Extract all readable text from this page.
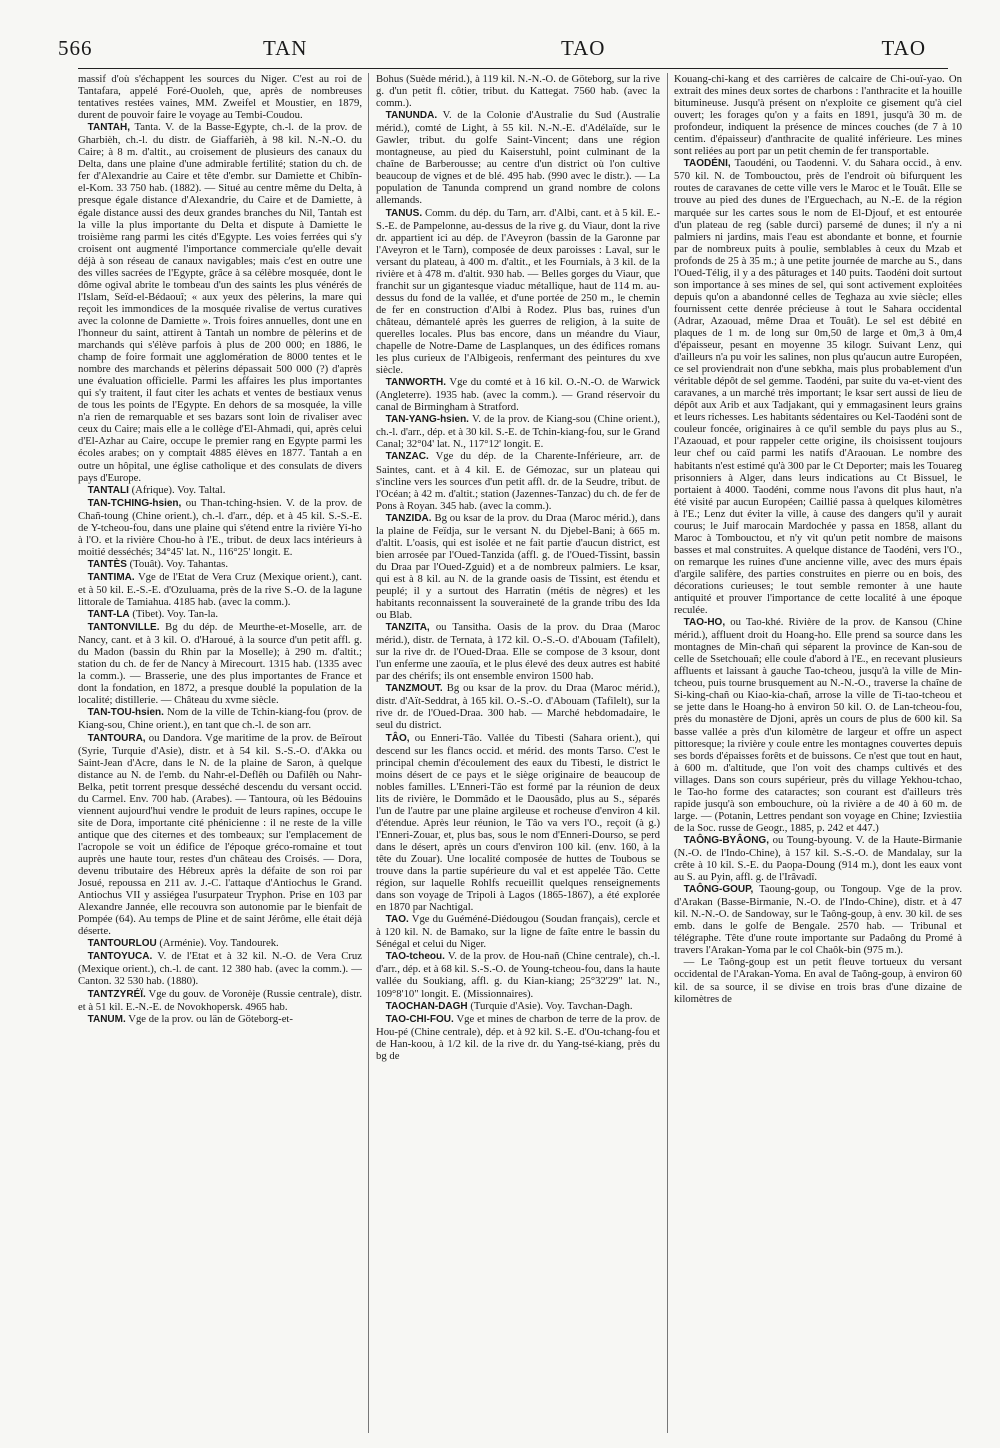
566	TAN	TAO	TAO

massif d'où s'échappent les sources du Niger. C'est au roi de Tantafara, appelé Foré-Ouoleh, que, après de nombreuses tentatives restées vaines, MM. Zweifel et Moustier, en 1879, durent de pouvoir faire le voyage au Tembi-Coudou.

TANTAH, Tanta. V. de la Basse-Egypte, ch.-l. de la prov. de Gharbièh, ch.-l. du distr. de Giaffarièh, à 98 kil. N.-N.-O. du Caire; à 8 m. d'altit., au croisement de plusieurs des canaux du Delta, dans une plaine d'une admirable fertilité; station du ch. de fer d'Alexandrie au Caire et tête d'embr. sur Damiette et Chibîn-el-Kom. 33 750 hab. (1882). — Situé au centre même du Delta, à presque égale distance d'Alexandrie, du Caire et de Damiette, à égale distance aussi des deux grandes branches du Nil, Tantah est la ville la plus importante du Delta et dispute à Damiette le troisième rang parmi les cités d'Egypte. Les voies ferrées qui s'y croisent ont augmenté l'importance commerciale qu'elle devait déjà à son réseau de canaux navigables; mais c'est en outre une des villes sacrées de l'Egypte, grâce à sa célèbre mosquée, dont le dôme ogival abrite le tombeau d'un des saints les plus vénérés de l'Islam, Seïd-el-Bédaouî; « aux yeux des pèlerins, la mare qui reçoit les immondices de la mosquée rivalise de vertus curatives avec la colonne de Damiette ». Trois foires annuelles, dont une en l'honneur du saint, attirent à Tantah un nombre de pèlerins et de marchands qui s'élève parfois à plus de 200 000; en 1886, le champ de foire formait une agglomération de 8000 tentes et le nombre des marchands et pèlerins dépassait 500 000 (?) d'après une évaluation officielle. Parmi les affaires les plus importantes qui s'y traitent, il faut citer les achats et ventes de bestiaux venus de tous les points de l'Egypte. En dehors de sa mosquée, la ville n'a rien de remarquable et ses bazars sont loin de rivaliser avec ceux du Caire; mais elle a le collège d'El-Ahmadi, qui, après celui d'El-Azhar au Caire, occupe le premier rang en Egypte parmi les écoles arabes; on y comptait 4885 élèves en 1877. Tantah a en outre un hôpital, une église catholique et des consulats de divers pays d'Europe.

TANTALI (Afrique). Voy. Taltal.

TAN-TCHING-hsien, ou Than-tching-hsien. V. de la prov. de Chañ-toung (Chine orient.), ch.-l. d'arr., dép. et à 45 kil. S.-S.-E. de Y-tcheou-fou, dans une plaine qui s'étend entre la rivière Yi-ho à l'O. et la rivière Chou-ho à l'E., tribut. de deux lacs intérieurs à moitié desséchés; 34°45' lat. N., 116°25' longit. E.

TANTÈS (Touât). Voy. Tahantas.

TANTIMA. Vge de l'Etat de Vera Cruz (Mexique orient.), cant. et à 50 kil. E.-S.-E. d'Ozuluama, près de la rive S.-O. de la lagune littorale de Tamiahua. 4185 hab. (avec la comm.).

TANT-LA (Tibet). Voy. Tan-la.

TANTONVILLE. Bg du dép. de Meurthe-et-Moselle, arr. de Nancy, cant. et à 3 kil. O. d'Haroué, à la source d'un petit affl. g. du Madon (bassin du Rhin par la Moselle); à 290 m. d'altit.; station du ch. de fer de Nancy à Mirecourt. 1315 hab. (1335 avec la comm.). — Brasserie, une des plus importantes de France et dont la fondation, en 1872, a presque doublé la population de la localité; distillerie. — Château du xvme siècle.

TAN-TOU-hsien. Nom de la ville de Tchin-kiang-fou (prov. de Kiang-sou, Chine orient.), en tant que ch.-l. de son arr.

TANTOURA, ou Dandora. Vge maritime de la prov. de Beïrout (Syrie, Turquie d'Asie), distr. et à 54 kil. S.-S.-O. d'Akka ou Saint-Jean d'Acre, dans le N. de la plaine de Saron, à quelque distance au N. de l'emb. du Nahr-el-Deflêh ou Dafilêh ou Nahr-Belka, petit torrent presque desséché descendu du versant occid. du Carmel. Env. 700 hab. (Arabes). — Tantoura, où les Bédouins viennent aujourd'hui vendre le produit de leurs rapines, occupe le site de Dora, importante cité phénicienne : il ne reste de la ville antique que des citernes et des tombeaux; sur l'emplacement de l'acropole se voit un édifice de l'époque gréco-romaine et tout auprès une haute tour, restes d'un château des Croisés. — Dora, devenu tributaire des Hébreux après la défaite de son roi par Josué, repoussa en 211 av. J.-C. l'attaque d'Antiochus le Grand. Antiochus VII y assiégea l'usurpateur Tryphon. Prise en 103 par Alexandre Jannée, elle recouvra son autonomie par le bienfait de Pompée (64). Au temps de Pline et de saint Jérôme, elle était déjà déserte.

TANTOURLOU (Arménie). Voy. Tandourek.

TANTOYUCA. V. de l'Etat et à 32 kil. N.-O. de Vera Cruz (Mexique orient.), ch.-l. de cant. 12 380 hab. (avec la comm.). — Canton. 32 530 hab. (1880).

TANTZYRÉÏ. Vge du gouv. de Voronèje (Russie centrale), distr. et à 51 kil. E.-N.-E. de Novokhopersk. 4965 hab.

TANUM. Vge de la prov. ou län de Göteborg-et-

Bohus (Suède mérid.), à 119 kil. N.-N.-O. de Göteborg, sur la rive g. d'un petit fl. côtier, tribut. du Kattegat. 7560 hab. (avec la comm.).

TANUNDA. V. de la Colonie d'Australie du Sud (Australie mérid.), comté de Light, à 55 kil. N.-N.-E. d'Adélaïde, sur le Gawler, tribut. du golfe Saint-Vincent; dans une région montagneuse, au pied du Kaiserstuhl, point culminant de la chaîne de Barberousse; au centre d'un district où l'on cultive beaucoup de vignes et de blé. 495 hab. (990 avec le distr.). — La population de Tanunda comprend un grand nombre de colons allemands.

TANUS. Comm. du dép. du Tarn, arr. d'Albi, cant. et à 5 kil. E.-S.-E. de Pampelonne, au-dessus de la rive g. du Viaur, dont la rive dr. appartient ici au dép. de l'Aveyron (bassin de la Garonne par l'Aveyron et le Tarn), composée de deux paroisses : Laval, sur le versant du plateau, à 400 m. d'altit., et les Fournials, à 3 kil. de la rivière et à 478 m. d'altit. 930 hab. — Belles gorges du Viaur, que franchit sur un gigantesque viaduc métallique, haut de 114 m. au-dessus du fond de la vallée, et d'une portée de 250 m., le chemin de fer en construction d'Albi à Rodez. Plus bas, ruines d'un château, démantelé après les guerres de religion, à la suite de querelles locales. Plus bas encore, dans un méandre du Viaur, chapelle de Notre-Dame de Lasplanques, un des édifices romans les plus curieux de l'Albigeois, renfermant des peintures du xve siècle.

TANWORTH. Vge du comté et à 16 kil. O.-N.-O. de Warwick (Angleterre). 1935 hab. (avec la comm.). — Grand réservoir du canal de Birmingham à Stratford.

TAN-YANG-hsien. V. de la prov. de Kiang-sou (Chine orient.), ch.-l. d'arr., dép. et à 30 kil. S.-E. de Tchin-kiang-fou, sur le Grand Canal; 32°04' lat. N., 117°12' longit. E.

TANZAC. Vge du dép. de la Charente-Inférieure, arr. de Saintes, cant. et à 4 kil. E. de Gémozac, sur un plateau qui s'incline vers les sources d'un petit affl. dr. de la Seudre, tribut. de l'Océan; à 42 m. d'altit.; station (Jazennes-Tanzac) du ch. de fer de Pons à Royan. 345 hab. (avec la comm.).

TANZIDA. Bg ou ksar de la prov. du Draa (Maroc mérid.), dans la plaine de Feïdja, sur le versant N. du Djebel-Bani; à 665 m. d'altit. L'oasis, qui est isolée et ne fait partie d'aucun district, est bien arrosée par l'Oued-Tanzida (affl. g. de l'Oued-Tissint, bassin du Draa par l'Oued-Zguid) et a de nombreux palmiers. Le ksar, qui est à 8 kil. au N. de la grande oasis de Tissint, est étendu et peuplé; il y a surtout des Harratin (métis de nègres) et les habitants reconnaissent la souveraineté de la grande tribu des Ida ou Blab.

TANZITA, ou Tansitha. Oasis de la prov. du Draa (Maroc mérid.), distr. de Ternata, à 172 kil. O.-S.-O. d'Abouam (Tafilelt), sur la rive dr. de l'Oued-Draa. Elle se compose de 3 ksour, dont l'un enferme une zaouïa, et le plus élevé des deux autres est habité par des chérifs; ils ont ensemble environ 1500 hab.

TANZMOUT. Bg ou ksar de la prov. du Draa (Maroc mérid.), distr. d'Aït-Seddrat, à 165 kil. O.-S.-O. d'Abouam (Tafilelt), sur la rive dr. de l'Oued-Draa. 300 hab. — Marché hebdomadaire, le seul du district.

TÂO, ou Enneri-Tâo. Vallée du Tibesti (Sahara orient.), qui descend sur les flancs occid. et mérid. des monts Tarso. C'est le principal chemin d'écoulement des eaux du Tibesti, le district le moins désert de ce pays et le siège originaire de beaucoup de nobles familles. L'Enneri-Tâo est formé par la réunion de deux lits de rivière, le Dommâdo et le Daousâdo, plus au S., séparés l'un de l'autre par une plaine argileuse et rocheuse d'environ 4 kil. d'étendue. Après leur réunion, le Tâo va vers l'O., reçoit (à g.) l'Enneri-Zouar, et, plus bas, sous le nom d'Enneri-Dourso, se perd dans le désert, après un cours d'environ 100 kil. (env. 160, à la tête du Zouar). Une localité composée de huttes de Toubous se trouve dans la partie supérieure du val et est appelée Tâo. Cette région, sur laquelle Rohlfs recueillit quelques renseignements dans son voyage de Tripoli à Lagos (1865-1867), a été explorée en 1870 par Nachtigal.

TAO. Vge du Guéméné-Diédougou (Soudan français), cercle et à 120 kil. N. de Bamako, sur la ligne de faîte entre le bassin du Sénégal et celui du Niger.

TAO-tcheou. V. de la prov. de Hou-nañ (Chine centrale), ch.-l. d'arr., dép. et à 68 kil. S.-S.-O. de Young-tcheou-fou, dans la haute vallée du Soukiang, affl. g. du Kian-kiang; 25°32'29" lat. N., 109°8'10" longit. E. (Missionnaires).

TAOCHAN-DAGH (Turquie d'Asie). Voy. Tavchan-Dagh.

TAO-CHI-FOU. Vge et mines de charbon de terre de la prov. de Hou-pé (Chine centrale), dép. et à 92 kil. S.-E. d'Ou-tchang-fou et de Han-koou, à 1/2 kil. de la rive dr. du Yang-tsé-kiang, près du bg de

Kouang-chi-kang et des carrières de calcaire de Chi-ouï-yao. On extrait des mines deux sortes de charbons : l'anthracite et la houille bitumineuse. Jusqu'à présent on n'exploite ce gisement qu'à ciel ouvert; les forages qu'on y a faits en 1891, jusqu'à 30 m. de profondeur, indiquent la présence de minces couches (de 7 à 10 centim. d'épaisseur) d'anthracite de qualité inférieure. Les mines sont reliées au port par un petit chemin de fer transportable.

TAODÉNI, Taoudéni, ou Taodenni. V. du Sahara occid., à env. 570 kil. N. de Tombouctou, près de l'endroit où bifurquent les routes de caravanes de cette ville vers le Maroc et le Touât. Elle se trouve au pied des dunes de l'Erguechach, au N.-E. de la région marquée sur les cartes sous le nom de El-Djouf, et est entourée d'un plateau de reg (sable durci) parsemé de dunes; il n'y a ni palmiers ni jardins, mais l'eau est abondante et bonne, et fournie par de nombreux puits à poulie, semblables à ceux du Mzab et profonds de 25 à 35 m.; à une petite journée de marche au S., dans l'Oued-Télig, il y a des pâturages et 140 puits. Taodéni doit surtout son importance à ses mines de sel, qui sont activement exploitées depuis qu'on a abandonné celles de Teghaza au xvie siècle; elles fournissent cette denrée précieuse à tout le Sahara occidental (Adrar, Azaouad, même Draa et Touât). Le sel est débité en plaques de 1 m. de long sur 0m,50 de large et 0m,3 à 0m,4 d'épaisseur, pesant en moyenne 35 kilogr. Suivant Lenz, qui d'ailleurs n'a pu voir les salines, non plus qu'aucun autre Européen, ce sel proviendrait non d'une sebkha, mais plus probablement d'un véritable dépôt de sel gemme. Taodéni, par suite du va-et-vient des caravanes, a un marché très important; le ksar sert aussi de lieu de dépôt aux Arib et aux Tadjakant, qui y emmagasinent leurs grains et leurs richesses. Les habitants sédentaires ou Kel-Taodéni sont de couleur foncée, originaires à ce qu'il semble du pays plus au S., l'Azaouad, et pour rappeler cette origine, ils choisissent toujours leur chef ou caïd parmi les natifs d'Araouan. Le nombre des habitants n'est estimé qu'à 300 par le Ct Deporter; mais les Touareg prisonniers à Alger, dans leurs indications au Ct Bissuel, le portaient à 4000. Taodéni, comme nous l'avons dit plus haut, n'a été visité par aucun Européen; Caillié passa à quelques kilomètres à l'E.; Lenz dut éviter la ville, à cause des dangers qu'il y aurait courus; le Juif marocain Mardochée y passa en 1858, allant du Maroc à Tombouctou, et n'y vit qu'un petit nombre de maisons basses et mal construites. A quelque distance de Taodéni, vers l'O., on remarque les ruines d'une ancienne ville, avec des murs épais d'argile salifère, des parties construites en pierre ou en bois, des décorations curieuses; le tout semble remonter à une haute antiquité et prouver l'importance de cette localité à une époque reculée.

TAO-HO, ou Tao-khé. Rivière de la prov. de Kansou (Chine mérid.), affluent droit du Hoang-ho. Elle prend sa source dans les montagnes de Min-chañ qui séparent la province de Kan-sou de celle de Ssetchouañ; elle coule d'abord à l'E., en recevant plusieurs affluents et laissant à gauche Tao-tcheou, jusqu'à la ville de Min-tcheou, puis tourne brusquement au N.-N.-O., traverse la chaîne de Si-king-chañ ou Kiao-kia-chañ, arrose la ville de Ti-tao-tcheou et se jette dans le Hoang-ho à environ 50 kil. O. de Lan-tcheou-fou, près du monastère de Djoni, après un cours de plus de 600 kil. Sa basse vallée a près d'un kilomètre de largeur et offre un aspect pittoresque; la rivière y coule entre les montagnes couvertes depuis ses bords d'épaisses forêts et de buissons. Ce n'est que tout en haut, à 600 m. d'altitude, que l'on voit des champs cultivés et des villages. Dans son cours supérieur, près du village Yekhou-tchao, le Tao-ho forme des cataractes; son courant est d'ailleurs très rapide jusqu'à son embouchure, où la rivière a de 40 à 60 m. de large. — (Potanin, Lettres pendant son voyage en Chine; Izviestiia de la Soc. russe de Geogr., 1885, p. 242 et 447.)

TAÔNG-BYÂONG, ou Toung-byoung. V. de la Haute-Birmanie (N.-O. de l'Indo-Chine), à 157 kil. S.-S.-O. de Mandalay, sur la crête à 10 kil. S.-E. du Paopa-Doung (914 m.), dont les eaux vont au S. au Pyin, affl. g. de l'Irâvadî.

TAÔNG-GOUP, Taoung-goup, ou Tongoup. Vge de la prov. d'Arakan (Basse-Birmanie, N.-O. de l'Indo-Chine), distr. et à 47 kil. N.-N.-O. de Sandoway, sur le Taông-goup, à env. 30 kil. de ses emb. dans le golfe de Bengale. 2570 hab. — Tribunal et télégraphe. Tête d'une route importante sur Padaông du Promé à travers l'Arakan-Yoma par le col Chaôk-bin (975 m.).

— Le Taông-goup est un petit fleuve tortueux du versant occidental de l'Arakan-Yoma. En aval de Taông-goup, à environ 60 kil. de sa source, il se divise en trois bras d'une dizaine de kilomètres de
